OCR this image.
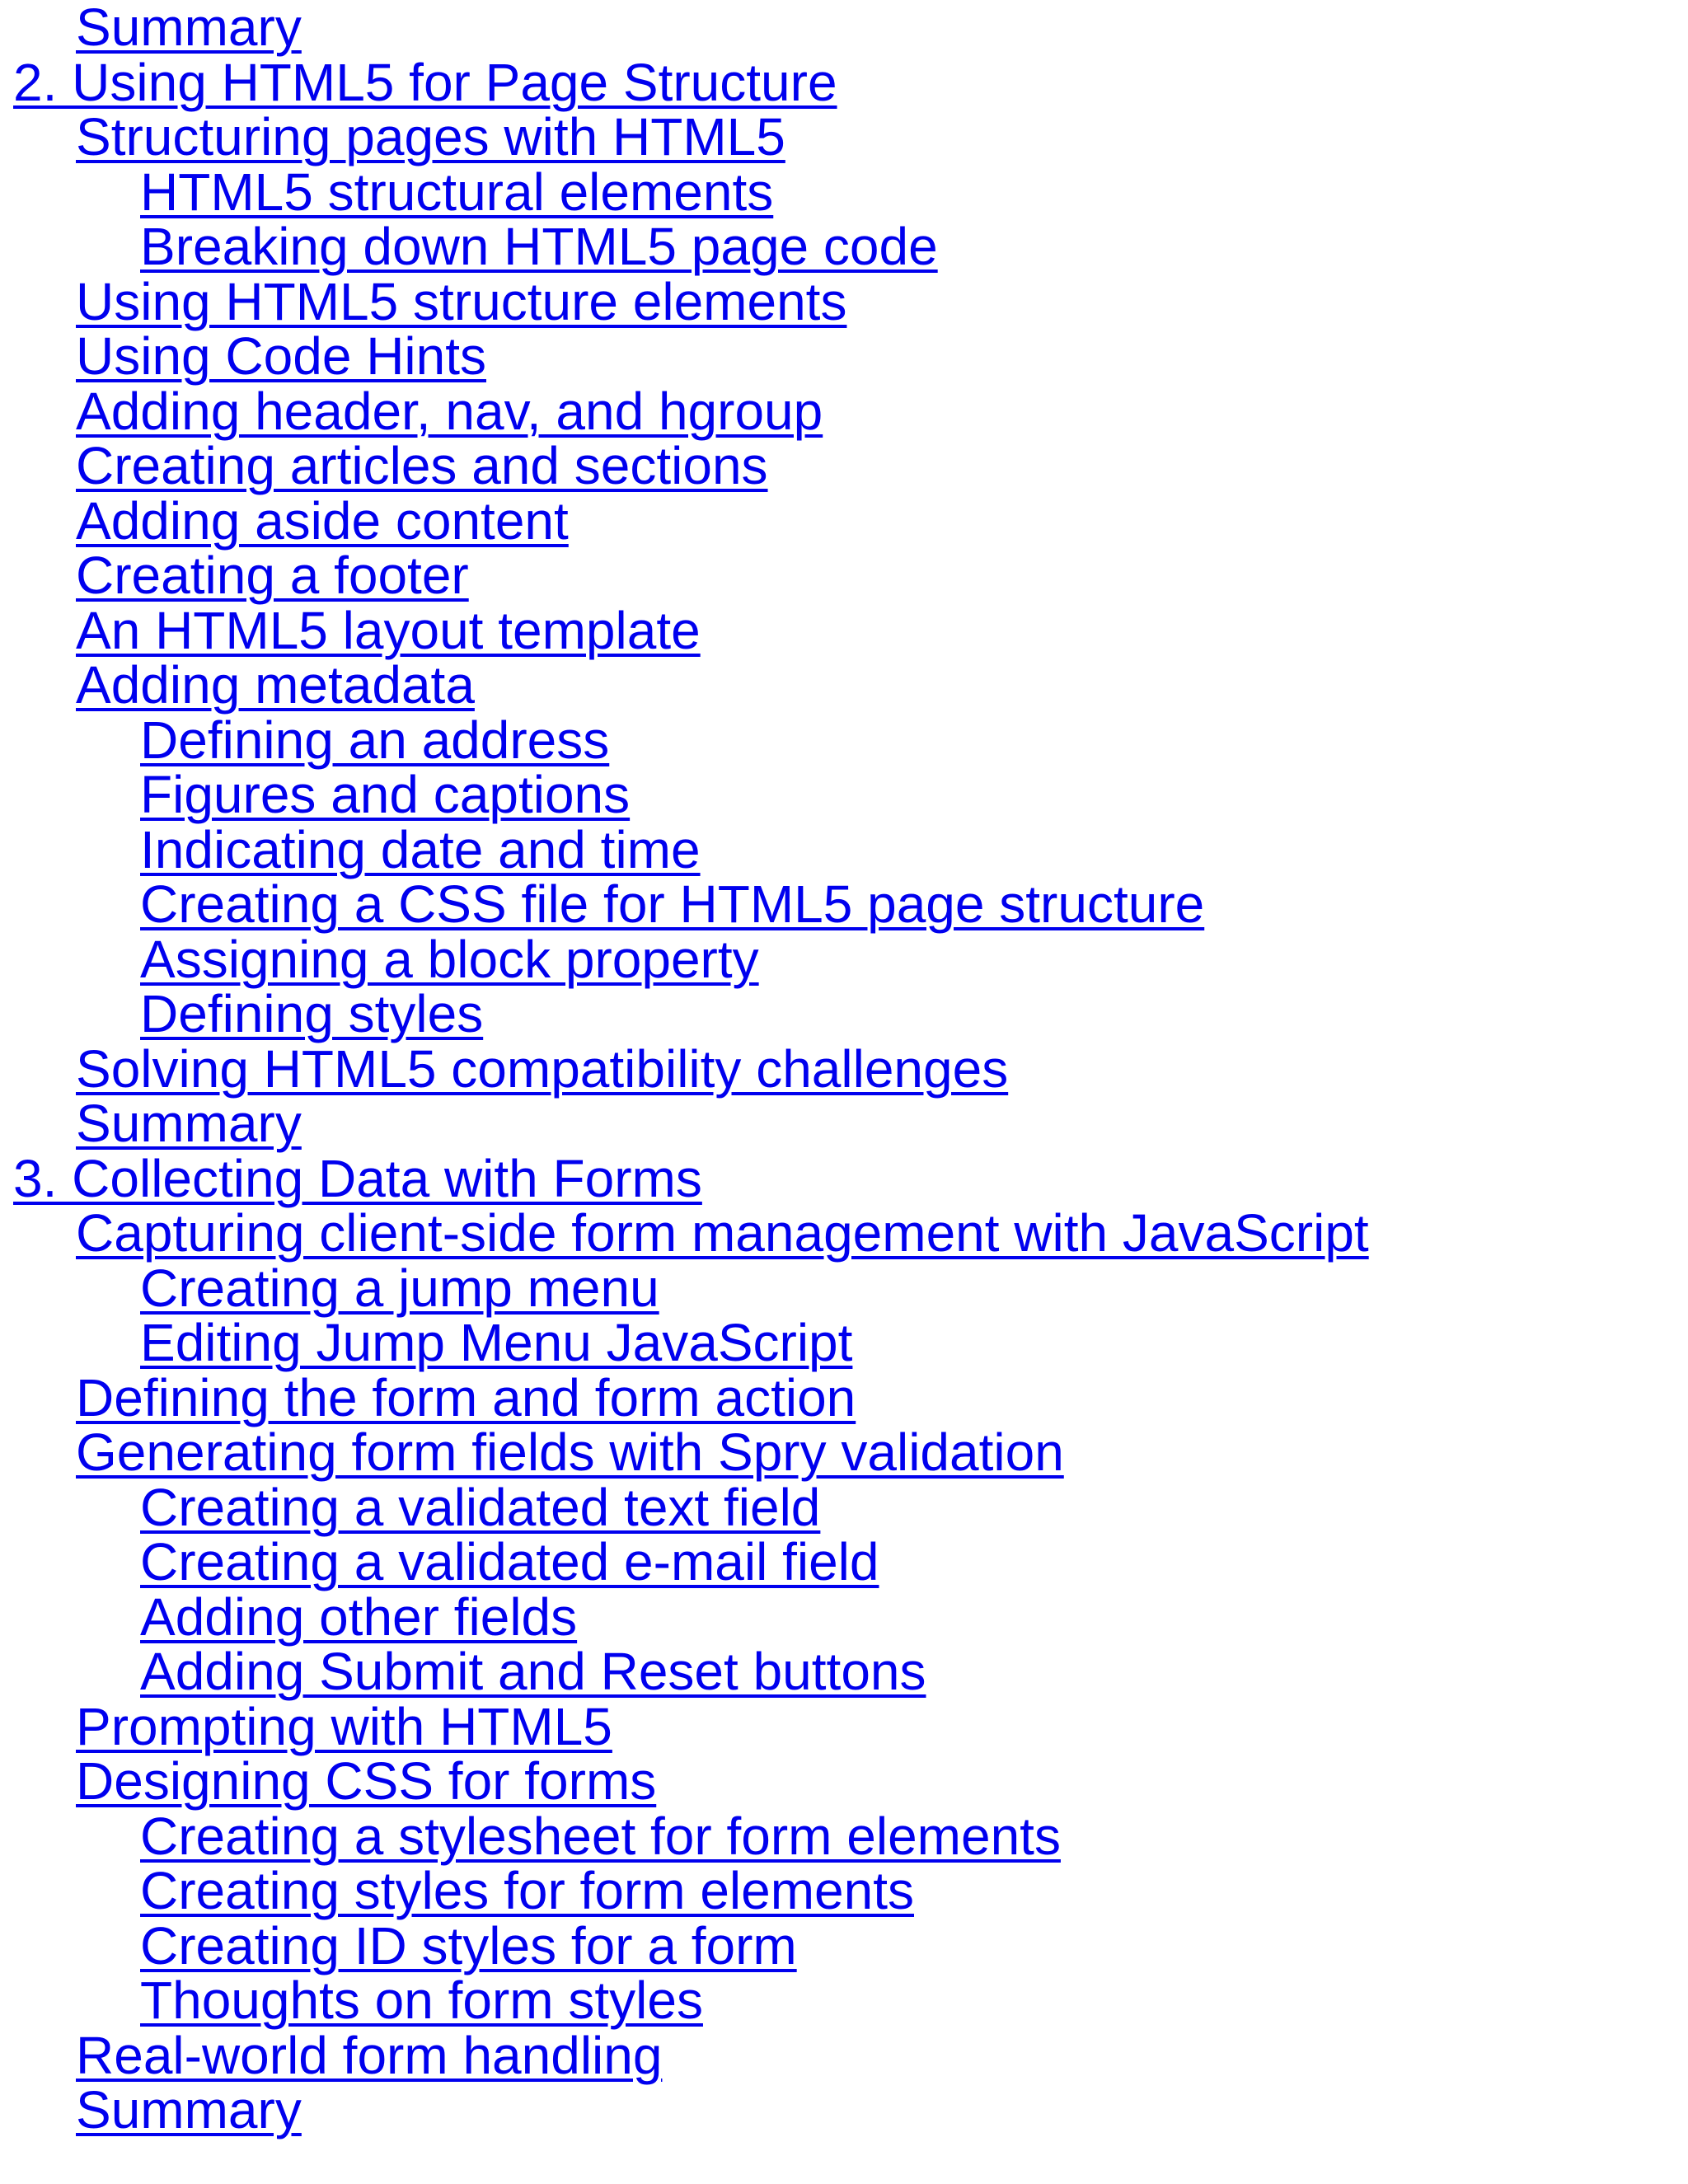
Summary
2. Using HTML5 for Page Structure
Structuring pages with HTML5
HTML5 structural elements
Breaking down HTML5 page code
Using HTML5 structure elements
Using Code Hints
Adding header, nav, and hgroup
Creating articles and sections
Adding aside content
Creating a footer
An HTML5 layout template
Adding metadata
Defining an address
Figures and captions
Indicating date and time
Creating a CSS file for HTML5 page structure
Assigning a block property
Defining styles
Solving HTML5 compatibility challenges
Summary
3. Collecting Data with Forms
Capturing client-side form management with JavaScript
Creating a jump menu
Editing Jump Menu JavaScript
Defining the form and form action
Generating form fields with Spry validation
Creating a validated text field
Creating a validated e-mail field
Adding other fields
Adding Submit and Reset buttons
Prompting with HTML5
Designing CSS for forms
Creating a stylesheet for form elements
Creating styles for form elements
Creating ID styles for a form
Thoughts on form styles
Real-world form handling
Summary
